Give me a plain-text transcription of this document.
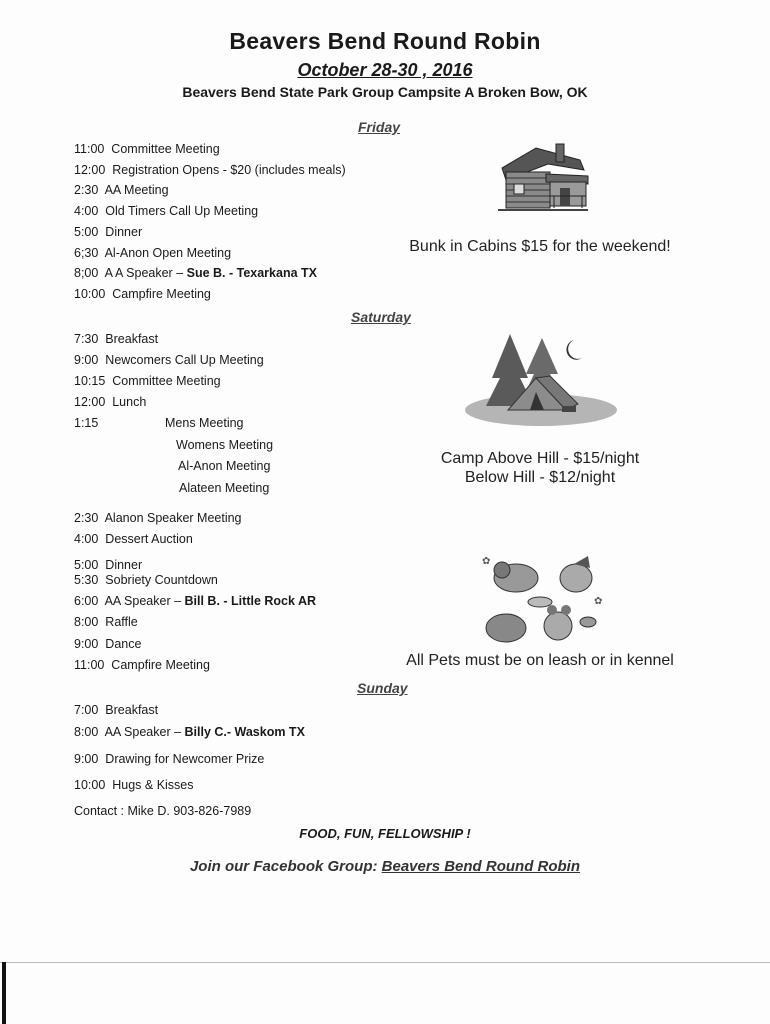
Beavers Bend Round Robin
October 28-30 , 2016
Beavers Bend State Park Group Campsite A Broken Bow, OK
Friday
11:00  Committee Meeting
12:00  Registration Opens - $20 (includes meals)
2:30  AA Meeting
4:00  Old Timers Call Up Meeting
5:00  Dinner
6;30  Al-Anon Open Meeting
8;00  A A Speaker – Sue B. - Texarkana TX
10:00  Campfire Meeting
Bunk in Cabins $15 for the weekend!
Saturday
7:30  Breakfast
9:00  Newcomers Call Up Meeting
10:15  Committee Meeting
12:00  Lunch
1:15	Mens Meeting
Womens Meeting
Al-Anon Meeting
Alateen Meeting
2:30  Alanon Speaker Meeting
4:00  Dessert Auction
5:00  Dinner
5:30  Sobriety Countdown
6:00  AA Speaker – Bill B. - Little Rock AR
8:00  Raffle
9:00  Dance
11:00  Campfire Meeting
Camp Above Hill - $15/night
Below Hill - $12/night
✿
✿
All Pets must be on leash or in kennel
Sunday
7:00  Breakfast
8:00  AA Speaker – Billy C.- Waskom TX
9:00  Drawing for Newcomer Prize
10:00  Hugs & Kisses
Contact : Mike D. 903-826-7989
FOOD, FUN, FELLOWSHIP !
Join our Facebook Group: Beavers Bend Round Robin
